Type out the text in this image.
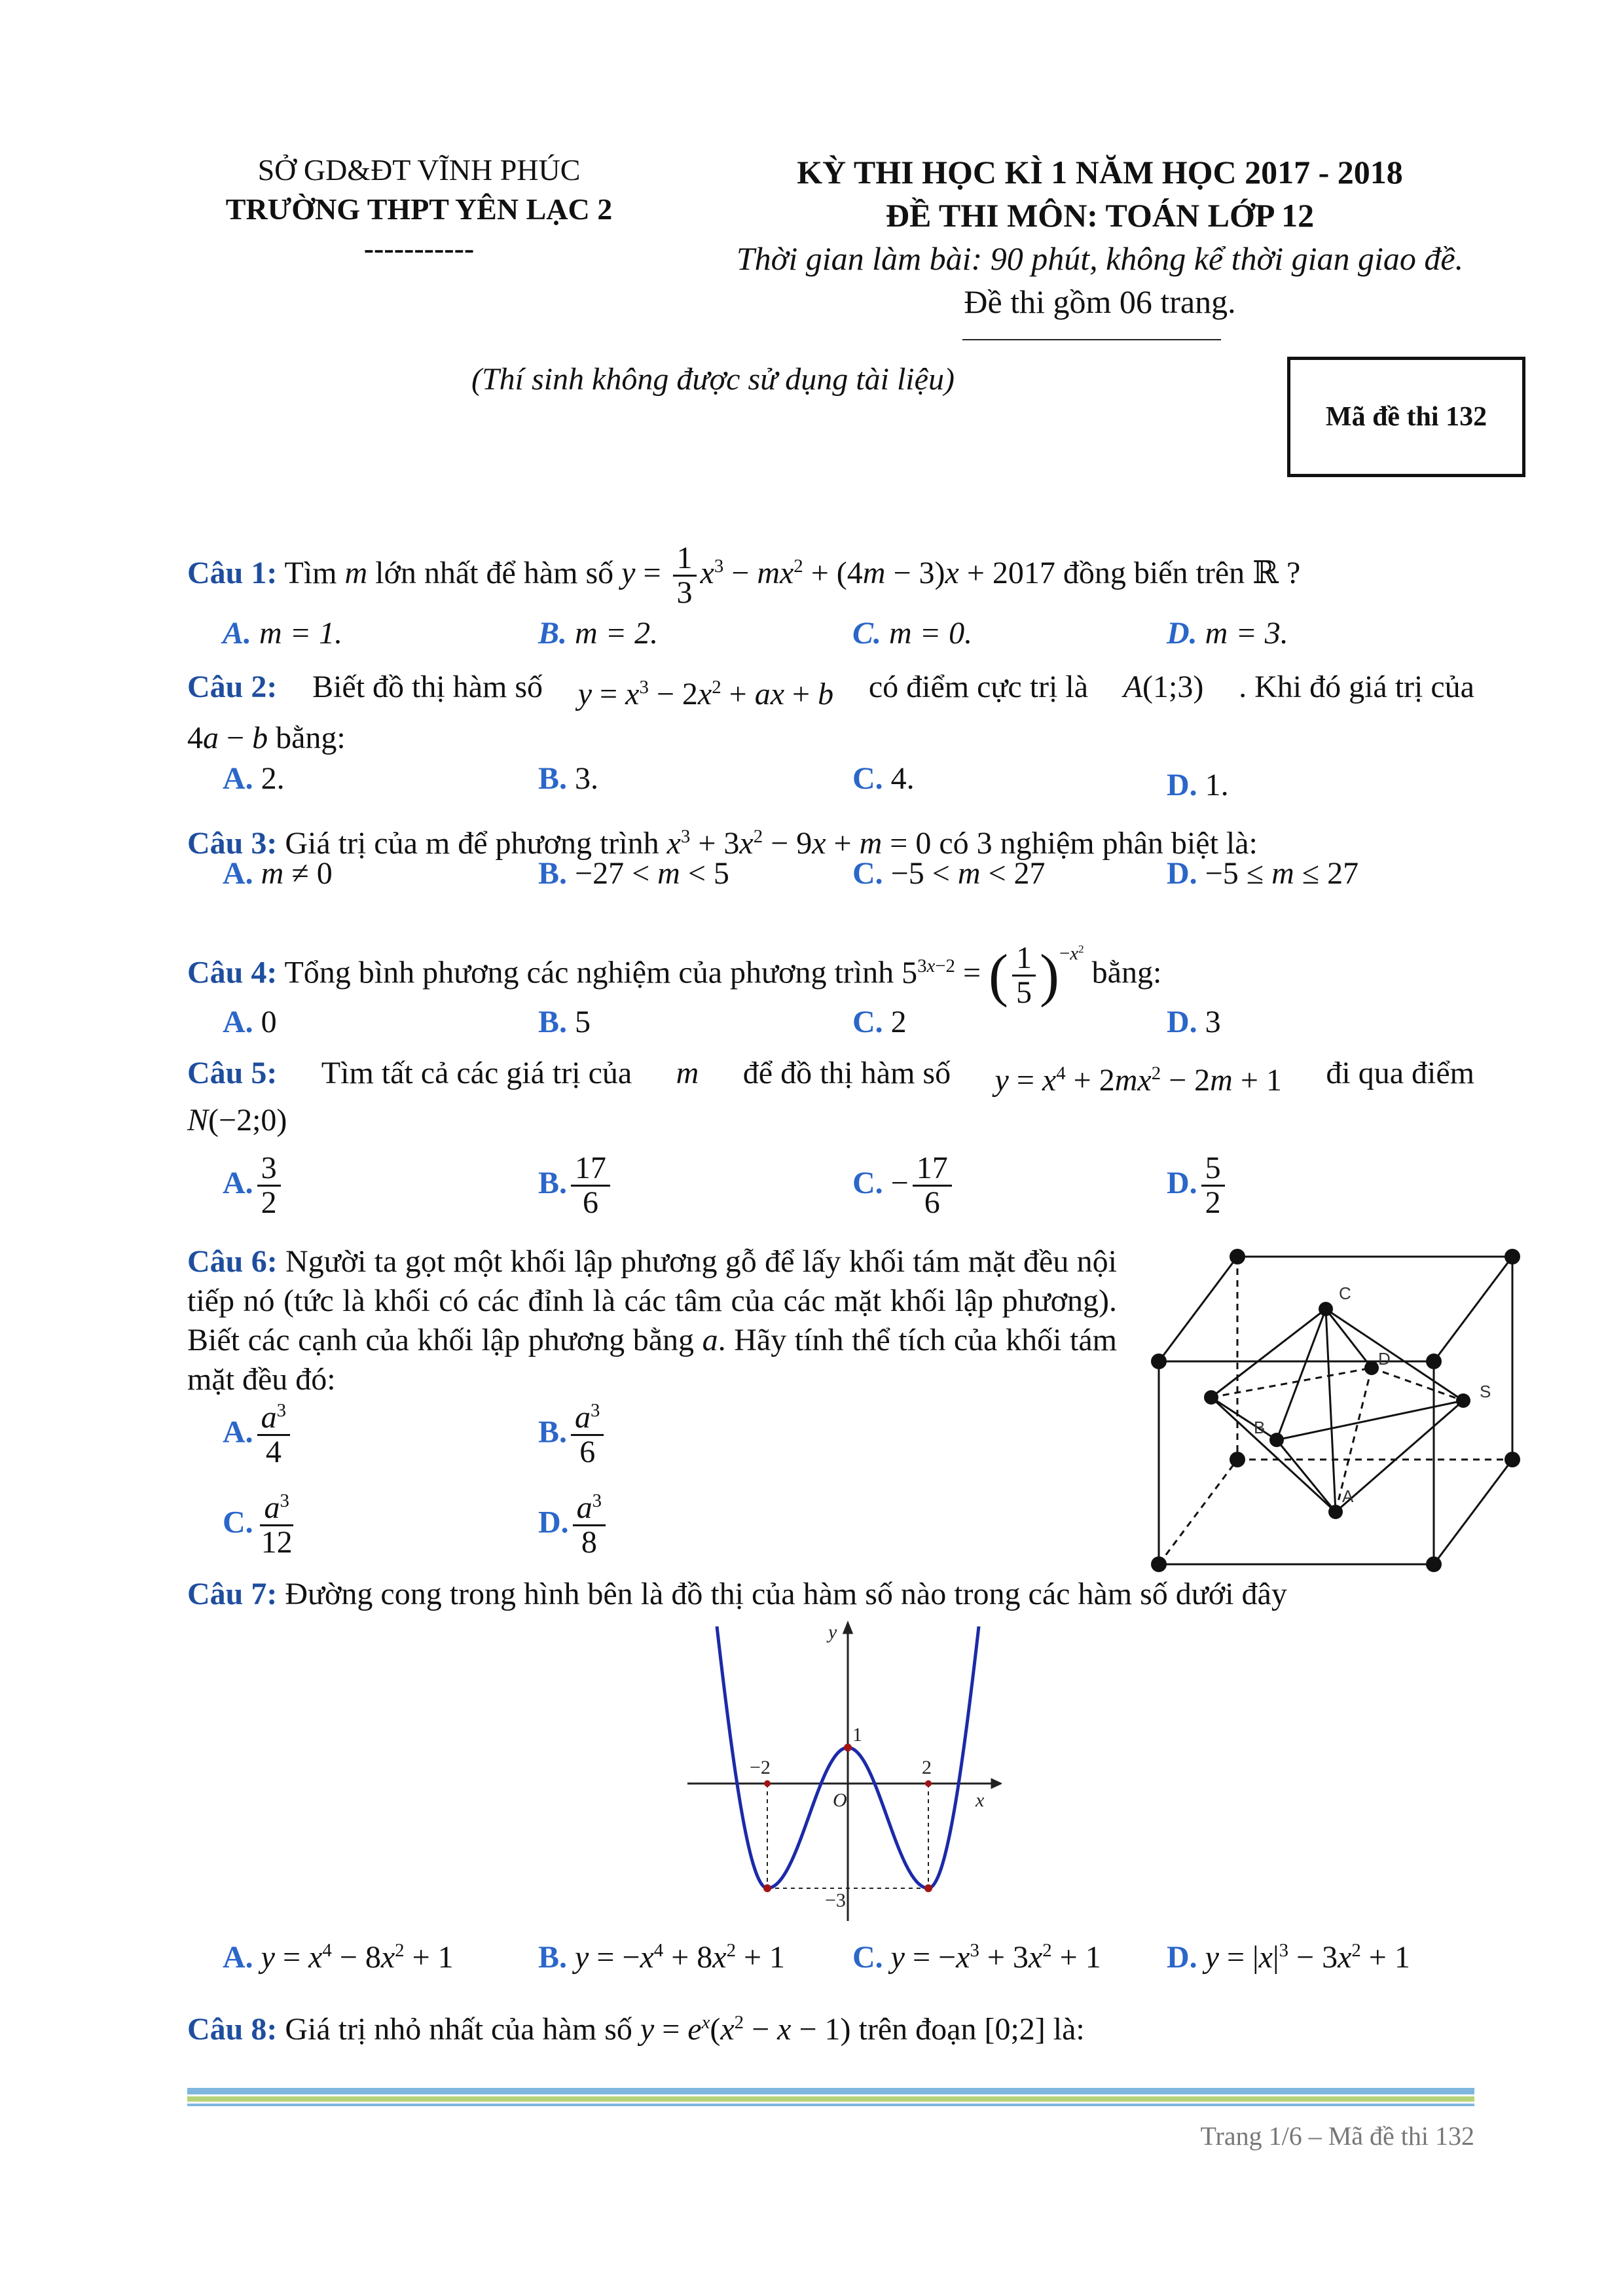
SỞ GD&ĐT VĨNH PHÚC
TRƯỜNG THPT YÊN LẠC 2
-----------
KỲ THI HỌC KÌ 1 NĂM HỌC 2017 - 2018
ĐỀ THI MÔN: TOÁN LỚP 12
Thời gian làm bài: 90 phút, không kể thời gian giao đề.
Đề thi gồm 06 trang.
(Thí sinh không được sử dụng tài liệu)
Mã đề thi 132
Câu 1: Tìm m lớn nhất để hàm số $y = \frac{1}{3} x^3 - mx^2 + (4m - 3)x + 2017$ đồng biến trên ℝ ?
A. m = 1.	B. m = 2.	C. m = 0.	D. m = 3.
Câu 2: Biết đồ thị hàm số $y = x^3 - 2x^2$ + ax + b có điểm cực trị là A(1;3) . Khi đó giá trị của
4a − b bằng:
A. 2.	B. 3.	C. 4.	D. 1.
Câu 3: Giá trị của m để phương trình $x^3 + 3x^2 - 9x + m = 0$ có 3 nghiệm phân biệt là:
A. m ≠ 0	B. −27 < m < 5	C. −5 < m < 27	D. −5 ≤ m ≤ 27
Câu 4: Tổng bình phương các nghiệm của phương trình $5^{3x-2}$ = ( $\frac{1}{5} )^{-x^2}$ bằng:
A. 0	B. 5	C. 2	D. 3
Câu 5: Tìm tất cả các giá trị của m để đồ thị hàm số $y = x^4 + 2mx^2 - 2m + 1$ đi qua điểm
N(−2;0)
A. $\frac{3}{2}$	B. $\frac{17}{6}$	C. − $\frac{17}{6}$	D. $\frac{5}{2}$
Câu 6: Người ta gọt một khối lập phương gỗ để lấy khối tám mặt đều nội tiếp nó (tức là khối có các đỉnh là các tâm của các mặt khối lập phương). Biết các cạnh của khối lập phương bằng a. Hãy tính thể tích của khối tám mặt đều đó:
A. $\frac{a^3}{4}$	B. $\frac{a^3}{6}$
C. $\frac{a^3}{12}$	D. $\frac{a^3}{8}$
C
D
S
B
A
Câu 7: Đường cong trong hình bên là đồ thị của hàm số nào trong các hàm số dưới đây
y
x
O
1
−2	2
−3
A. $y = x^4 - 8x^2 + 1$	B. $y = -x^4 + 8x^2 + 1$ C. $y = -x^3 + 3x^2 + 1$ D. $y = |x|^3 - 3x^2 + 1$
Câu 8: Giá trị nhỏ nhất của hàm số $y = e^x(x^2 - x - 1)$ trên đoạn [0;2] là:
Trang 1/6 – Mã đề thi 132
